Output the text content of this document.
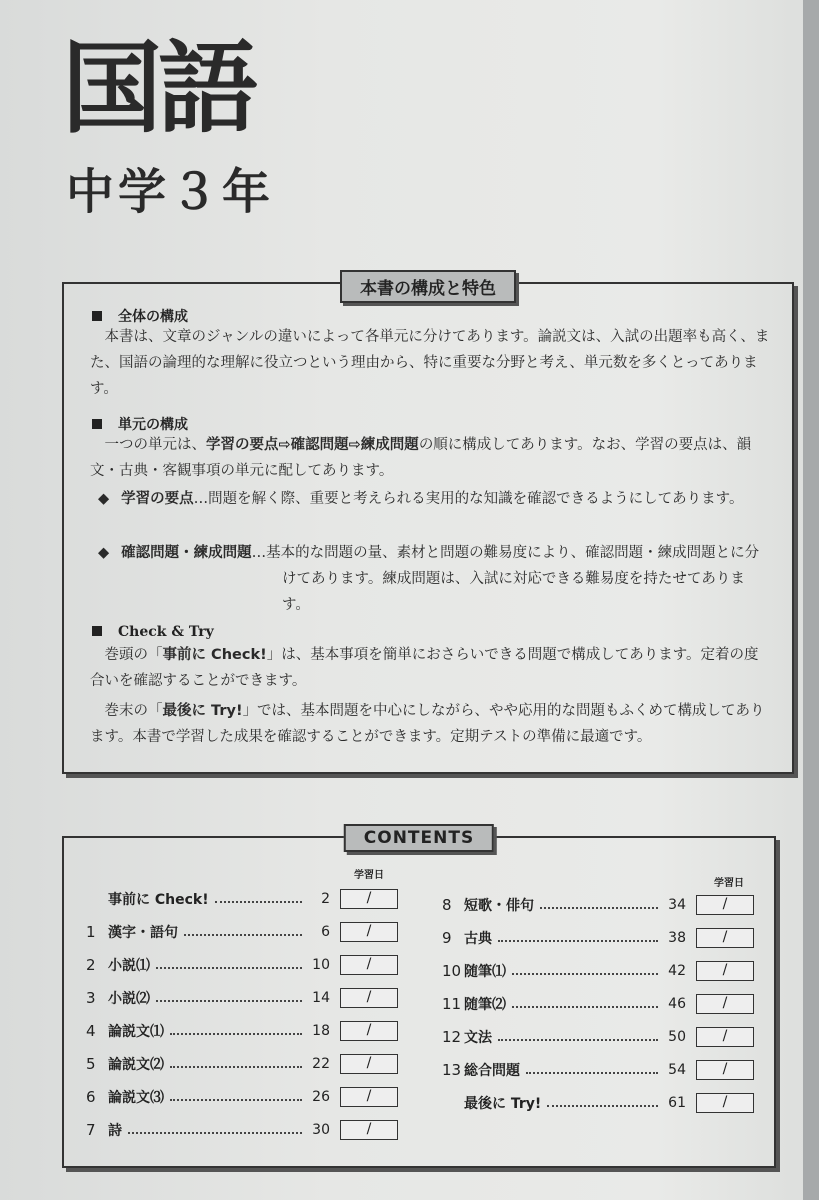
国語
中学３年
本書の構成と特色
全体の構成
本書は、文章のジャンルの違いによって各単元に分けてあります。論説文は、入試の出題率も高く、また、国語の論理的な理解に役立つという理由から、特に重要な分野と考え、単元数を多くとってあります。
単元の構成
一つの単元は、学習の要点⇨確認問題⇨練成問題の順に構成してあります。なお、学習の要点は、韻文・古典・客観事項の単元に配してあります。
◆ 学習の要点…問題を解く際、重要と考えられる実用的な知識を確認できるようにしてあります。
◆ 確認問題・練成問題…基本的な問題の量、素材と問題の難易度により、確認問題・練成問題とに分けてあります。練成問題は、入試に対応できる難易度を持たせてあります。
Check & Try
巻頭の「事前に Check!」は、基本事項を簡単におさらいできる問題で構成してあります。定着の度合いを確認することができます。
巻末の「最後に Try!」では、基本問題を中心にしながら、やや応用的な問題もふくめて構成してあります。本書で学習した成果を確認することができます。定期テストの準備に最適です。
CONTENTS
学習日
学習日
事前に Check!	2	/
1 漢字・語句	6	/
2 小説⑴	10	/
3 小説⑵	14	/
4 論説文⑴	18	/
5 論説文⑵	22	/
6 論説文⑶	26	/
7 詩	30	/
8 短歌・俳句	34	/
9 古典	38	/
10 随筆⑴	42	/
11 随筆⑵	46	/
12 文法	50	/
13 総合問題	54	/
最後に Try!	61	/
